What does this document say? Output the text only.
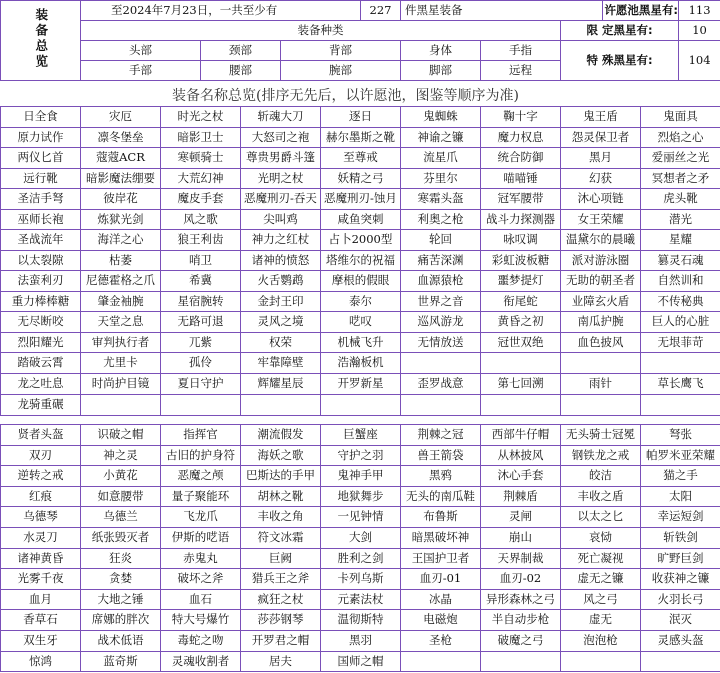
装备总览	至2024年7月23日，一共至少有			227	件黑星装备			许愿池黑星有:	113
	装备种类						限 定黑星有:		10
	头部	颈部	背部		身体	手指	特 殊黑星有:		104
	手部	腰部	腕部		脚部	远程			
装备名称总览(排序无先后，以许愿池，图鉴等顺序为准)
日全食	灾厄	时光之杖	斩魂大刀	逐日	鬼蜘蛛	鞠十字	鬼王盾	鬼面具
原力试作	凛冬堡垒	暗影卫士	大怒司之袍	赫尔墨斯之靴	神谕之镰	魔力权息	怨灵保卫者	烈焰之心
两仪匕首	蔻蔻ACR	寒顿骑士	尊贵男爵斗篷	至尊戒	流星爪	统合防御	黑月	爱丽丝之光
远行靴	暗影魔法绷要	大荒幻神	光明之杖	妖精之弓	芬里尔	喵喵锤	幻获	冥想者之矛
圣洁手弩	彼岸花	魔皮手套	恶魔刑刃-吞天	恶魔刑刃-蚀月	寒霜头盔	冠军腰带	沐心项链	虎头靴
巫师长袍	炼狱光剑	风之歌	尖叫鸡	咸鱼突刺	利奥之枪	战斗力探测器	女王荣耀	潜光
圣战流年	海洋之心	狼王利齿	神力之红杖	占卜2000型	轮回	咏叹调	温黛尔的晨曦	星耀
以太裂隙	枯萎	哨卫	诸神的愤怒	塔维尔的祝福	痛苦深渊	彩虹波板糖	派对游泳圈	篡灵石魂
法蛮利刃	尼德霍格之爪	希冀	火舌鹦鹉	摩根的假眼	血源猿枪	噩梦提灯	无助的朝圣者	自然训和
重力棒棒糖	肇金袖腕	星宿腕转	金封王印	泰尔	世界之音	衔尾蛇	业障玄火盾	不传秘典
无尽断咬	天堂之息	无路可退	灵风之境	呓叹	巡风游龙	黄昏之初	南瓜护腕	巨人的心脏
烈阳耀光	审判执行者	兀紫	权荣	机械飞升	无情放送	冠世双绝	血色披风	无垠菲苛
踏破云霄	尤里卡	孤伶	牢靠障壁	浩瀚板机				
龙之吐息	时尚护目镜	夏日守护	辉耀星辰	开罗新星	歪罗战意	第七回溯	雨针	草长鹰飞
龙骑重碾								
贤者头盔	识破之帽	指挥官	潮流假发	巨蟹座	荆棘之冠	西部牛仔帽	无头骑士冠冕	弩张
双刃	神之灵	古旧的护身符	海妖之歌	守护之羽	兽王箭袋	从林披风	钢铁龙之戒	帕罗米亚荣耀
逆转之戒	小黄花	恶魔之颅	巴斯达的手甲	鬼神手甲	黑鸦	沐心手套	皎洁	猫之手
红痕	如意腰带	量子聚能环	胡林之靴	地狱舞步	无头的南瓜鞋	荆棘盾	丰收之盾	太阳
乌德琴	乌德兰	飞龙爪	丰收之角	一见钟情	布鲁斯	灵闸	以太之匕	幸运短剑
水灵刀	纸张毁灭者	伊斯的呓语	符文冰霜	大剑	暗黑破坏神	崩山	哀恸	斩铁剑
诸神黄昏	狂炎	赤鬼丸	巨阙	胜利之剑	王国护卫者	天界制裁	死亡凝视	旷野巨剑
光雾千夜	贪婪	破坏之斧	猎兵王之斧	卡列乌斯	血刃-01	血刃-02	虚无之镰	收获神之镰
血月	大地之锤	血石	疯狂之杖	元素法杖	冰晶	异形森林之弓	风之弓	火羽长弓
香草石	席娜的胖次	特大号爆竹	莎莎钢琴	温彻斯特	电磁炮	半自动步枪	虚无	泯灭
双生牙	战术低语	毒蛇之吻	开罗君之帽	黑羽	圣枪	破魔之弓	泡泡枪	灵感头盔
惊鸿	蓝奇斯	灵魂收割者	居夫	国师之帽				
